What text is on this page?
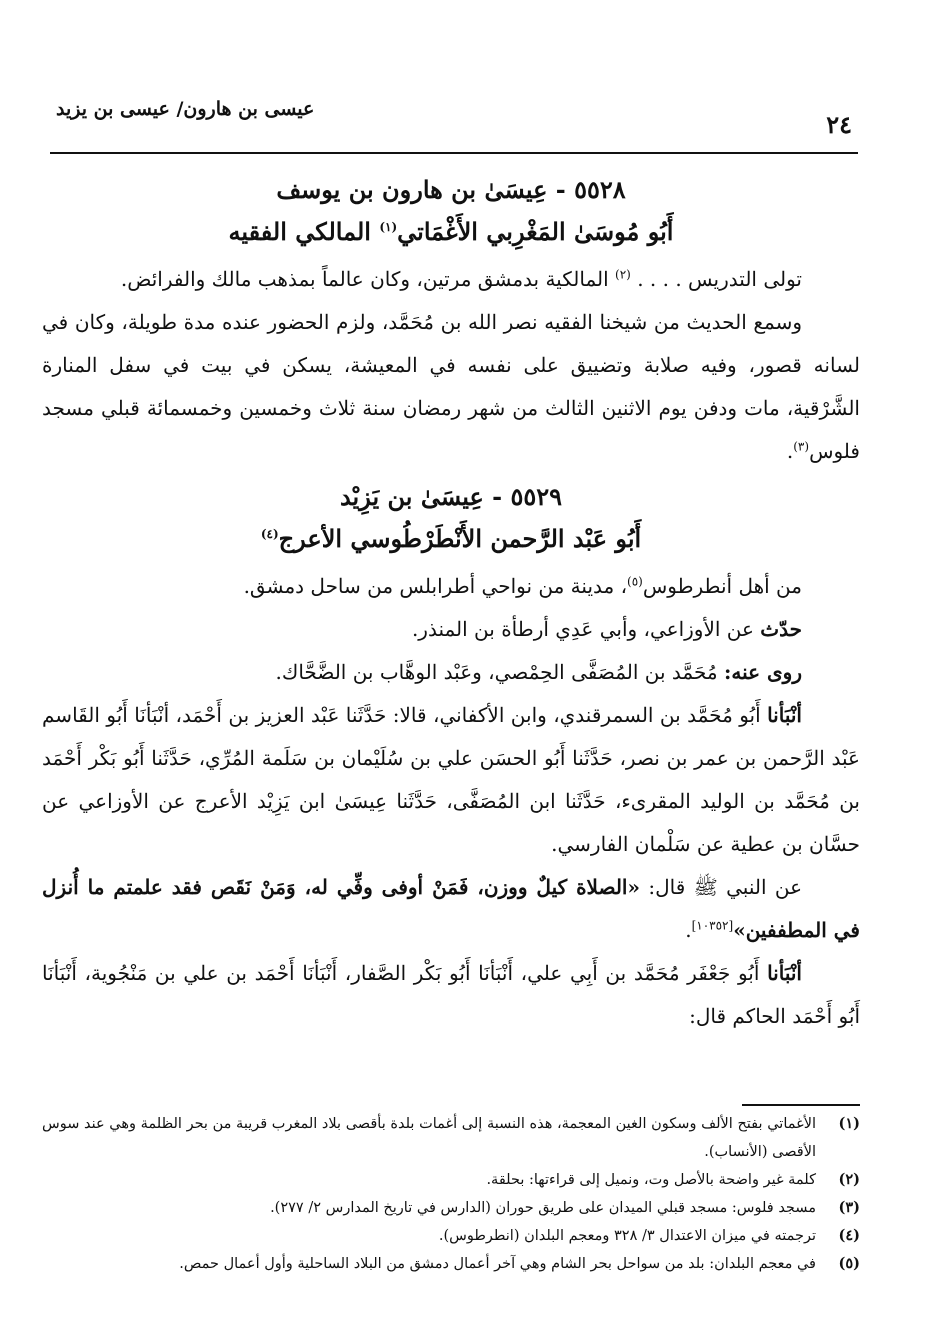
عيسى بن هارون/ عيسى بن يزيد
٢٤
٥٥٢٨ - عِيسَىٰ بن هارون بن يوسف
أَبُو مُوسَىٰ المَغْرِبي الأَغْمَاتي$^{(١)}$ المالكي الفقيه

تولى التدريس . . . . $^{(٢)}$ المالكية بدمشق مرتين، وكان عالماً بمذهب مالك والفرائض.

وسمع الحديث من شيخنا الفقيه نصر الله بن مُحَمَّد، ولزم الحضور عنده مدة طويلة، وكان في لسانه قصور، وفيه صلابة وتضييق على نفسه في المعيشة، يسكن في بيت في سفل المنارة الشَّرْقية، مات ودفن يوم الاثنين الثالث من شهر رمضان سنة ثلاث وخمسين وخمسمائة قبلي مسجد فلوس$^{(٣)}$.

٥٥٢٩ - عِيسَىٰ بن يَزِيْد
أَبُو عَبْد الرَّحمن الأَنْطَرْطُوسي الأعرج$^{(٤)}$

من أهل أنطرطوس$^{(٥)}$، مدينة من نواحي أطرابلس من ساحل دمشق.

حدّث عن الأوزاعي، وأبي عَدِي أرطأة بن المنذر.

روى عنه: مُحَمَّد بن المُصَفَّى الحِمْصي، وعَبْد الوهَّاب بن الضَّحَّاك.

أنْبَأنا أَبُو مُحَمَّد بن السمرقندي، وابن الأكفاني، قالا: حَدَّثَنا عَبْد العزيز بن أَحْمَد، أنْبَأنَا أَبُو القَاسم عَبْد الرَّحمن بن عمر بن نصر، حَدَّثَنا أَبُو الحسَن علي بن سُلَيْمان بن سَلَمة المُرِّي، حَدَّثَنا أَبُو بَكْر أَحْمَد بن مُحَمَّد بن الوليد المقرىء، حَدَّثَنا ابن المُصَفَّى، حَدَّثَنا عِيسَىٰ ابن يَزِيْد الأعرج عن الأوزاعي عن حسَّان بن عطية عن سَلْمان الفارسي.

عن النبي ﷺ قال: «الصلاة كيلٌ ووزن، فَمَنْ أوفى وفِّي له، وَمَنْ نَقَص فقد علمتم ما أُنزل في المطففين»[١٠٣٥٢].

أنْبَأنا أَبُو جَعْفَر مُحَمَّد بن أَبِي علي، أَنْبَأنَا أَبُو بَكْر الصَّفار، أَنْبَأنَا أَحْمَد بن علي بن مَنْجُوية، أَنْبَأنَا أَبُو أَحْمَد الحاكم قال:

(١)
الأغماتي بفتح الألف وسكون الغين المعجمة، هذه النسبة إلى أغمات بلدة بأقصى بلاد المغرب قريبة من بحر الظلمة وهي عند سوس الأقصى (الأنساب).
(٢)
كلمة غير واضحة بالأصل وت، ونميل إلى قراءتها: بحلقة.
(٣)
مسجد فلوس: مسجد قبلي الميدان على طريق حوران (الدارس في تاريخ المدارس ٢/ ٢٧٧).
(٤)
ترجمته في ميزان الاعتدال ٣/ ٣٢٨ ومعجم البلدان (انطرطوس).
(٥)
في معجم البلدان: بلد من سواحل بحر الشام وهي آخر أعمال دمشق من البلاد الساحلية وأول أعمال حمص.
